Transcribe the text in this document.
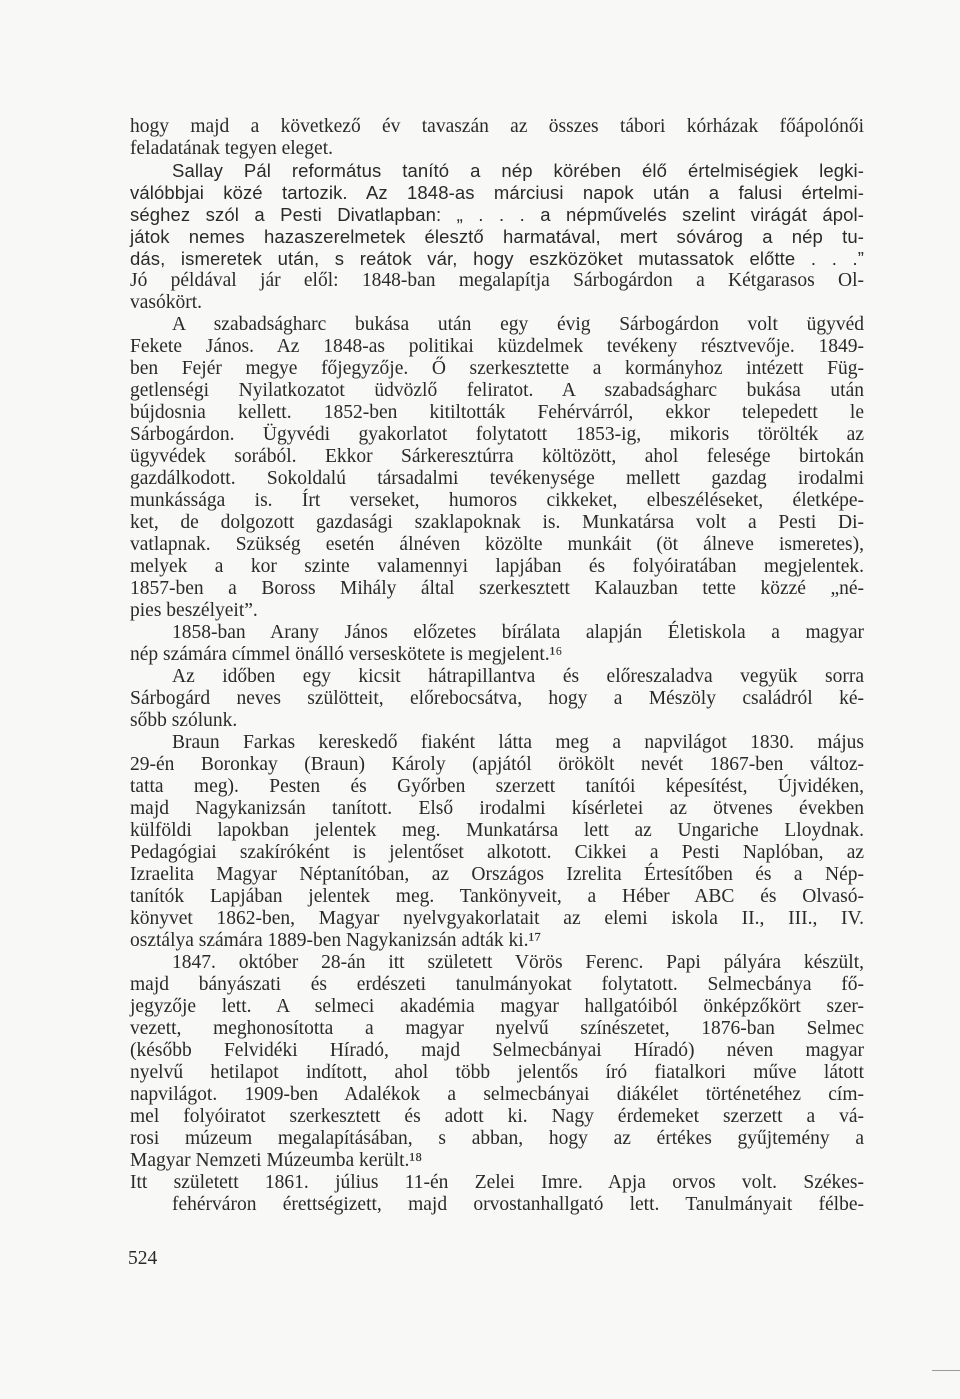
hogy majd a következő év tavaszán az összes tábori kórházak főápolónői
feladatának tegyen eleget.
Sallay Pál református tanító a nép körében élő értelmiségiek legki-
válóbbjai közé tartozik. Az 1848-as márciusi napok után a falusi értelmi-
séghez szól a Pesti Divatlapban: „ . . . a népművelés szelint virágát ápol-
játok nemes hazaszerelmetek élesztő harmatával, mert sóvárog a nép tu-
dás, ismeretek után, s reátok vár, hogy eszközöket mutassatok előtte . . .”
Jó példával jár elől: 1848-ban megalapítja Sárbogárdon a Kétgarasos Ol-
vasókört.
A szabadságharc bukása után egy évig Sárbogárdon volt ügyvéd
Fekete János. Az 1848-as politikai küzdelmek tevékeny résztvevője. 1849-
ben Fejér megye főjegyzője. Ő szerkesztette a kormányhoz intézett Füg-
getlenségi Nyilatkozatot üdvözlő feliratot. A szabadságharc bukása után
bújdosnia kellett. 1852-ben kitiltották Fehérvárról, ekkor telepedett le
Sárbogárdon. Ügyvédi gyakorlatot folytatott 1853-ig, mikoris törölték az
ügyvédek sorából. Ekkor Sárkeresztúrra költözött, ahol felesége birtokán
gazdálkodott. Sokoldalú társadalmi tevékenysége mellett gazdag irodalmi
munkássága is. Írt verseket, humoros cikkeket, elbeszéléseket, életképe-
ket, de dolgozott gazdasági szaklapoknak is. Munkatársa volt a Pesti Di-
vatlapnak. Szükség esetén álnéven közölte munkáit (öt álneve ismeretes),
melyek a kor szinte valamennyi lapjában és folyóiratában megjelentek.
1857-ben a Boross Mihály által szerkesztett Kalauzban tette közzé „né-
pies beszélyeit”.
1858-ban Arany János előzetes bírálata alapján Életiskola a magyar
nép számára címmel önálló verseskötete is megjelent.¹⁶
Az időben egy kicsit hátrapillantva és előreszaladva vegyük sorra
Sárbogárd neves szülötteit, előrebocsátva, hogy a Mészöly családról ké-
sőbb szólunk.
Braun Farkas kereskedő fiaként látta meg a napvilágot 1830. május
29-én Boronkay (Braun) Károly (apjától örökölt nevét 1867-ben változ-
tatta meg). Pesten és Győrben szerzett tanítói képesítést, Újvidéken,
majd Nagykanizsán tanított. Első irodalmi kísérletei az ötvenes években
külföldi lapokban jelentek meg. Munkatársa lett az Ungariche Lloydnak.
Pedagógiai szakíróként is jelentőset alkotott. Cikkei a Pesti Naplóban, az
Izraelita Magyar Néptanítóban, az Országos Izrelita Értesítőben és a Nép-
tanítók Lapjában jelentek meg. Tankönyveit, a Héber ABC és Olvasó-
könyvet 1862-ben, Magyar nyelvgyakorlatait az elemi iskola II., III., IV.
osztálya számára 1889-ben Nagykanizsán adták ki.¹⁷
1847. október 28-án itt született Vörös Ferenc. Papi pályára készült,
majd bányászati és erdészeti tanulmányokat folytatott. Selmecbánya fő-
jegyzője lett. A selmeci akadémia magyar hallgatóiból önképzőkört szer-
vezett, meghonosította a magyar nyelvű színészetet, 1876-ban Selmec
(később Felvidéki Híradó, majd Selmecbányai Híradó) néven magyar
nyelvű hetilapot indított, ahol több jelentős író fiatalkori műve látott
napvilágot. 1909-ben Adalékok a selmecbányai diákélet történetéhez cím-
mel folyóiratot szerkesztett és adott ki. Nagy érdemeket szerzett a vá-
rosi múzeum megalapításában, s abban, hogy az értékes gyűjtemény a
Magyar Nemzeti Múzeumba került.¹⁸
Itt született 1861. július 11-én Zelei Imre. Apja orvos volt. Székes-
fehérváron érettségizett, majd orvostanhallgató lett. Tanulmányait félbe-
524
